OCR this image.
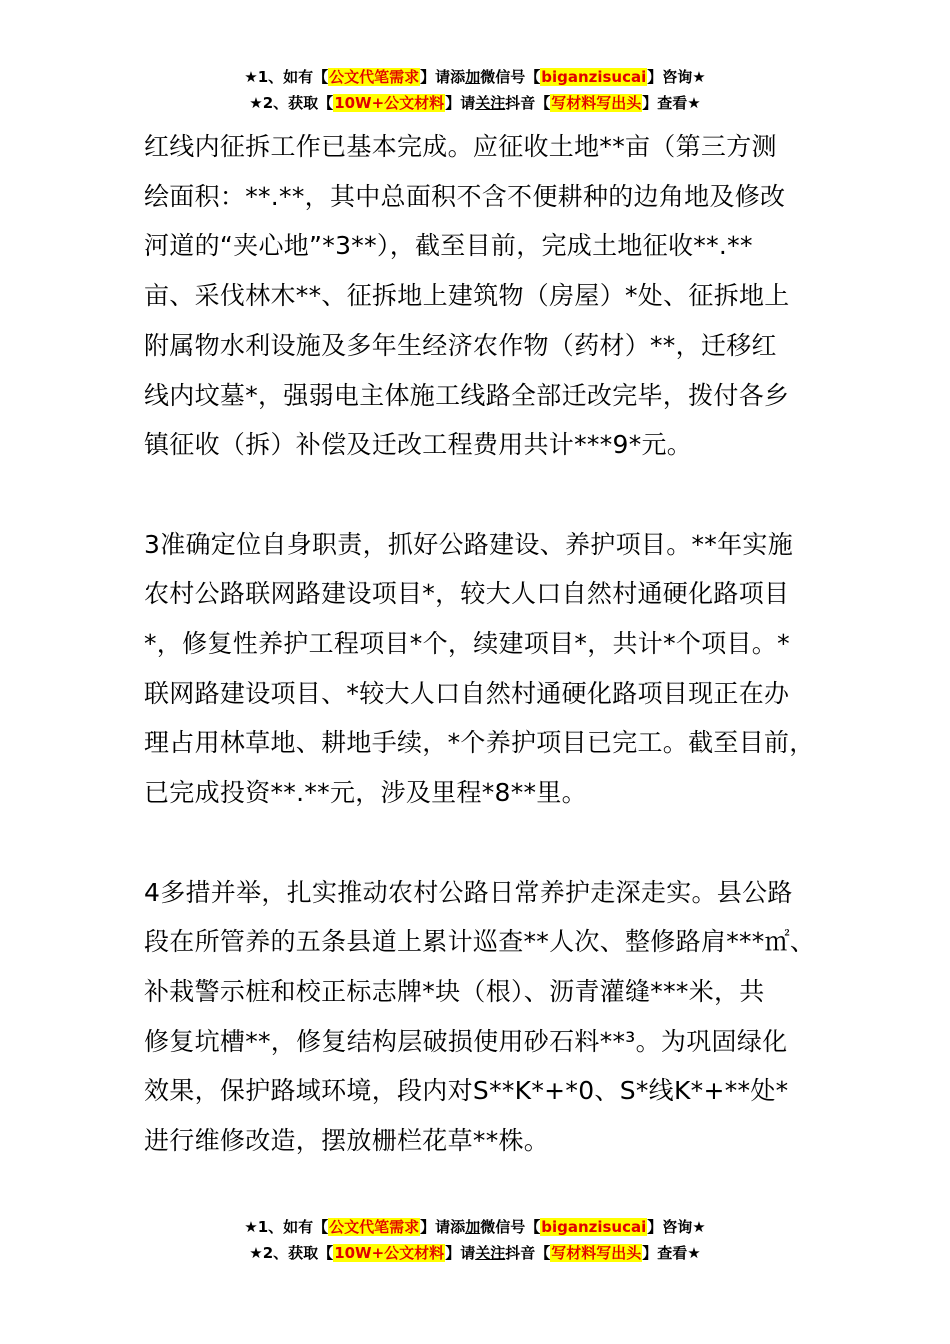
★1、如有【公文代笔需求】请添加微信号【biganzisucai】咨询★
★2、获取【10W+公文材料】请关注抖音【写材料写出头】查看★

红线内征拆工作已基本完成。应征收土地**亩（第三方测
绘面积：**.**，其中总面积不含不便耕种的边角地及修改
河道的“夹心地”*3**），截至目前，完成土地征收**.**
亩、采伐林木**、征拆地上建筑物（房屋）*处、征拆地上
附属物水利设施及多年生经济农作物（药材）**，迁移红
线内坟墓*，强弱电主体施工线路全部迁改完毕，拨付各乡
镇征收（拆）补偿及迁改工程费用共计***9*元。

3准确定位自身职责，抓好公路建设、养护项目。**年实施
农村公路联网路建设项目*，较大人口自然村通硬化路项目
*，修复性养护工程项目*个，续建项目*，共计*个项目。*
联网路建设项目、*较大人口自然村通硬化路项目现正在办
理占用林草地、耕地手续，*个养护项目已完工。截至目前，
已完成投资**.**元，涉及里程*8**里。

4多措并举，扎实推动农村公路日常养护走深走实。县公路
段在所管养的五条县道上累计巡查**人次、整修路肩***㎡、
补栽警示桩和校正标志牌*块（根）、沥青灌缝***米，共
修复坑槽**，修复结构层破损使用砂石料**³。为巩固绿化
效果，保护路域环境，段内对S**K*+*0、S*线K*+**处*
进行维修改造，摆放栅栏花草**株。

★1、如有【公文代笔需求】请添加微信号【biganzisucai】咨询★
★2、获取【10W+公文材料】请关注抖音【写材料写出头】查看★
